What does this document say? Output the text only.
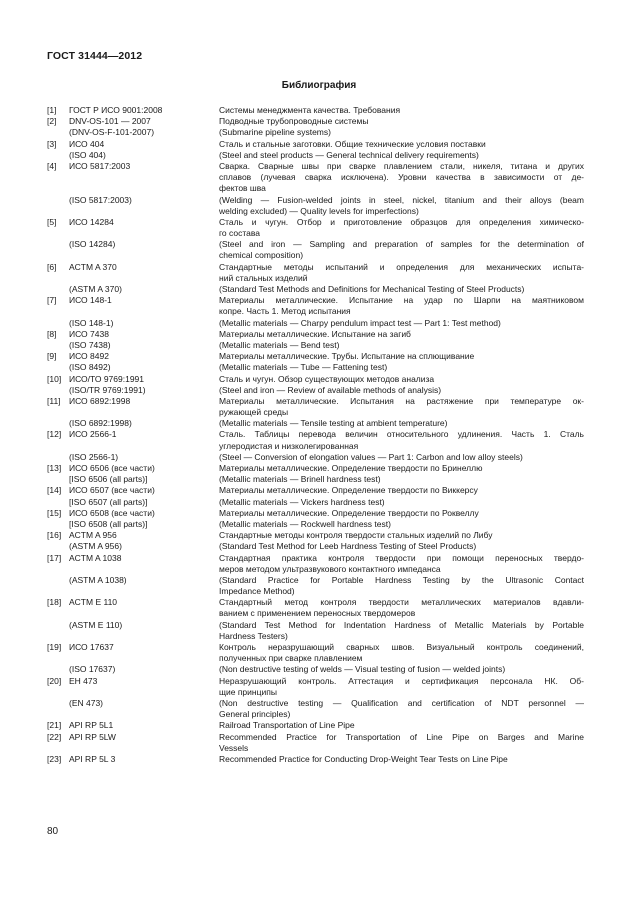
ГОСТ 31444—2012
Библиография
[1] ГОСТ Р ИСО 9001:2008	Системы менеджмента качества. Требования
[2] DNV-OS-101 — 2007	Подводные трубопроводные системы
(DNV-OS-F-101-2007)	(Submarine pipeline systems)
[3] ИСО 404	Сталь и стальные заготовки. Общие технические условия поставки
(ISO 404)	(Steel and steel products — General technical delivery requirements)
[4] ИСО 5817:2003	Сварка. Сварные швы при сварке плавлением стали, никеля, титана и других
сплавов (лучевая сварка исключена). Уровни качества в зависимости от де-
фектов шва
(ISO 5817:2003)	(Welding — Fusion-welded joints in steel, nickel, titanium and their alloys (beam
welding excluded) — Quality levels for imperfections)
[5] ИСО 14284	Сталь и чугун. Отбор и приготовление образцов для определения химическо-
го состава
(ISO 14284)	(Steel and iron — Sampling and preparation of samples for the determination of
chemical composition)
[6] ACTM A 370	Стандартные методы испытаний и определения для механических испыта-
ний стальных изделий
(ASTM A 370)	(Standard Test Methods and Definitions for Mechanical Testing of Steel Products)
[7] ИСО 148-1	Материалы металлические. Испытание на удар по Шарпи на маятниковом
копре. Часть 1. Метод испытания
(ISO 148-1)	(Metallic materials — Charpy pendulum impact test — Part 1: Test method)
[8] ИСО 7438	Материалы металлические. Испытание на загиб
(ISO 7438)	(Metallic materials — Bend test)
[9] ИСО 8492	Материалы металлические. Трубы. Испытание на сплющивание
(ISO 8492)	(Metallic materials — Tube — Fattening test)
[10] ИСО/ТО 9769:1991	Сталь и чугун. Обзор существующих методов анализа
(ISO/TR 9769:1991)	(Steel and iron — Review of available methods of analysis)
[11] ИСО 6892:1998	Материалы металлические. Испытания на растяжение при температуре ок-
ружающей среды
(ISO 6892:1998)	(Metallic materials — Tensile testing at ambient temperature)
[12] ИСО 2566-1	Сталь. Таблицы перевода величин относительного удлинения. Часть 1. Сталь
углеродистая и низколегированная
(ISO 2566-1)	(Steel — Conversion of elongation values — Part 1: Carbon and low alloy steels)
[13] ИСО 6506 (все части)	Материалы металлические. Определение твердости по Бринеллю
[ISO 6506 (all parts)]	(Metallic materials — Brinell hardness test)
[14] ИСО 6507 (все части)	Материалы металлические. Определение твердости по Виккерсу
[ISO 6507 (all parts)]	(Metallic materials — Vickers hardness test)
[15] ИСО 6508 (все части)	Материалы металлические. Определение твердости по Роквеллу
[ISO 6508 (all parts)]	(Metallic materials — Rockwell hardness test)
[16] ACTM A 956	Стандартные методы контроля твердости стальных изделий по Либу
(ASTM A 956)	(Standard Test Method for Leeb Hardness Testing of Steel Products)
[17] ACTM A 1038	Стандартная практика контроля твердости при помощи переносных твердо-
меров методом ультразвукового контактного импеданса
(ASTM A 1038)	(Standard Practice for Portable Hardness Testing by the Ultrasonic Contact
Impedance Method)
[18] ACTM E 110	Стандартный метод контроля твердости металлических материалов вдавли-
ванием с применением переносных твердомеров
(ASTM E 110)	(Standard Test Method for Indentation Hardness of Metallic Materials by Portable
Hardness Testers)
[19] ИСО 17637	Контроль неразрушающий сварных швов. Визуальный контроль соединений,
полученных при сварке плавлением
(ISO 17637)	(Non destructive testing of welds — Visual testing of fusion — welded joints)
[20] EH 473	Неразрушающий контроль. Аттестация и сертификация персонала НК. Об-
щие принципы
(EN 473)	(Non destructive testing — Qualification and certification of NDT personnel —
General principles)
[21] API RP 5L1	Railroad Transportation of Line Pipe
[22] API RP 5LW	Recommended Practice for Transportation of Line Pipe on Barges and Marine
Vessels
[23] API RP 5L 3	Recommended Practice for Conducting Drop-Weight Tear Tests on Line Pipe
80
